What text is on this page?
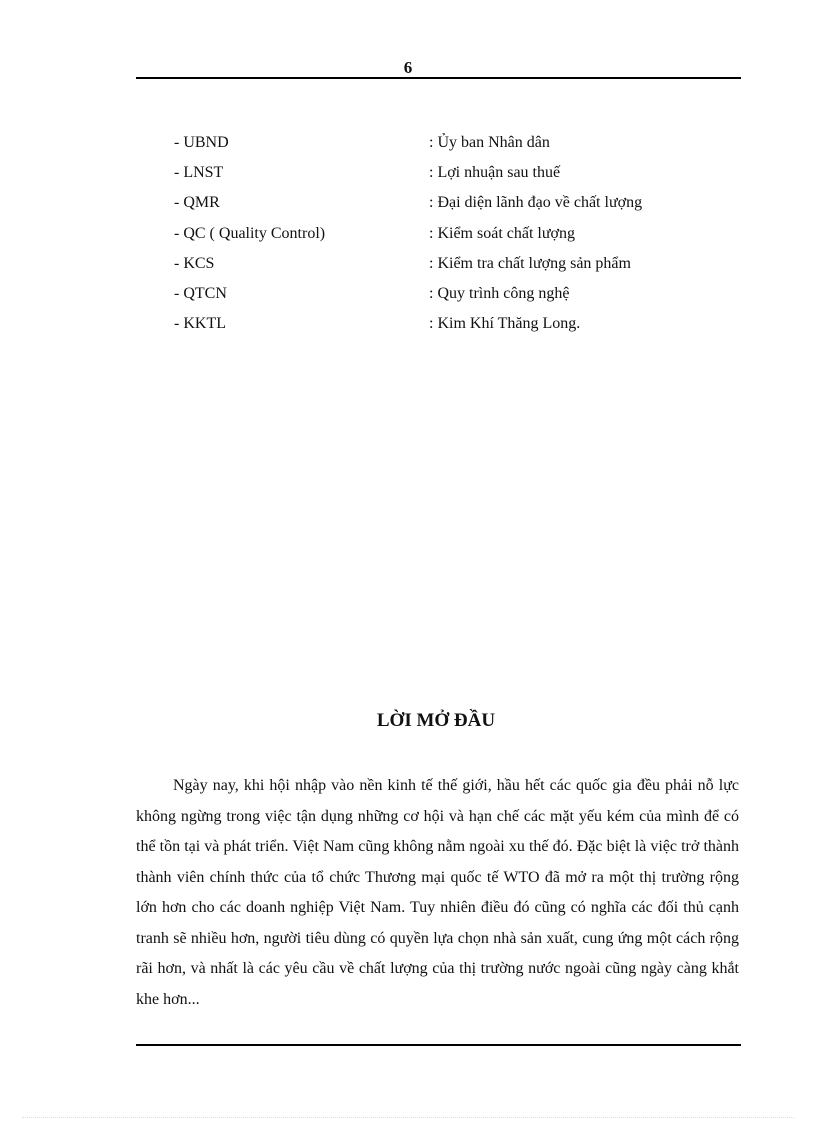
6
- UBND	: Ủy ban Nhân dân
- LNST	: Lợi nhuận sau thuế
- QMR	: Đại diện lãnh đạo về chất lượng
- QC ( Quality Control)	: Kiểm soát chất lượng
- KCS	: Kiểm tra chất lượng sản phẩm
- QTCN	: Quy trình công nghệ
- KKTL	: Kim Khí Thăng Long.
LỜI MỞ ĐẦU

Ngày nay, khi hội nhập vào nền kinh tế thế giới, hầu hết các quốc gia đều phải nỗ lực không ngừng trong việc tận dụng những cơ hội và hạn chế các mặt yếu kém của mình để có thể tồn tại và phát triển. Việt Nam cũng không nằm ngoài xu thế đó. Đặc biệt là việc trở thành thành viên chính thức của tổ chức Thương mại quốc tế WTO đã mở ra một thị trường rộng lớn hơn cho các doanh nghiệp Việt Nam. Tuy nhiên điều đó cũng có nghĩa các đối thủ cạnh tranh sẽ nhiều hơn, người tiêu dùng có quyền lựa chọn nhà sản xuất, cung ứng một cách rộng rãi hơn, và nhất là các yêu cầu về chất lượng của thị trường nước ngoài cũng ngày càng khắt khe hơn...
